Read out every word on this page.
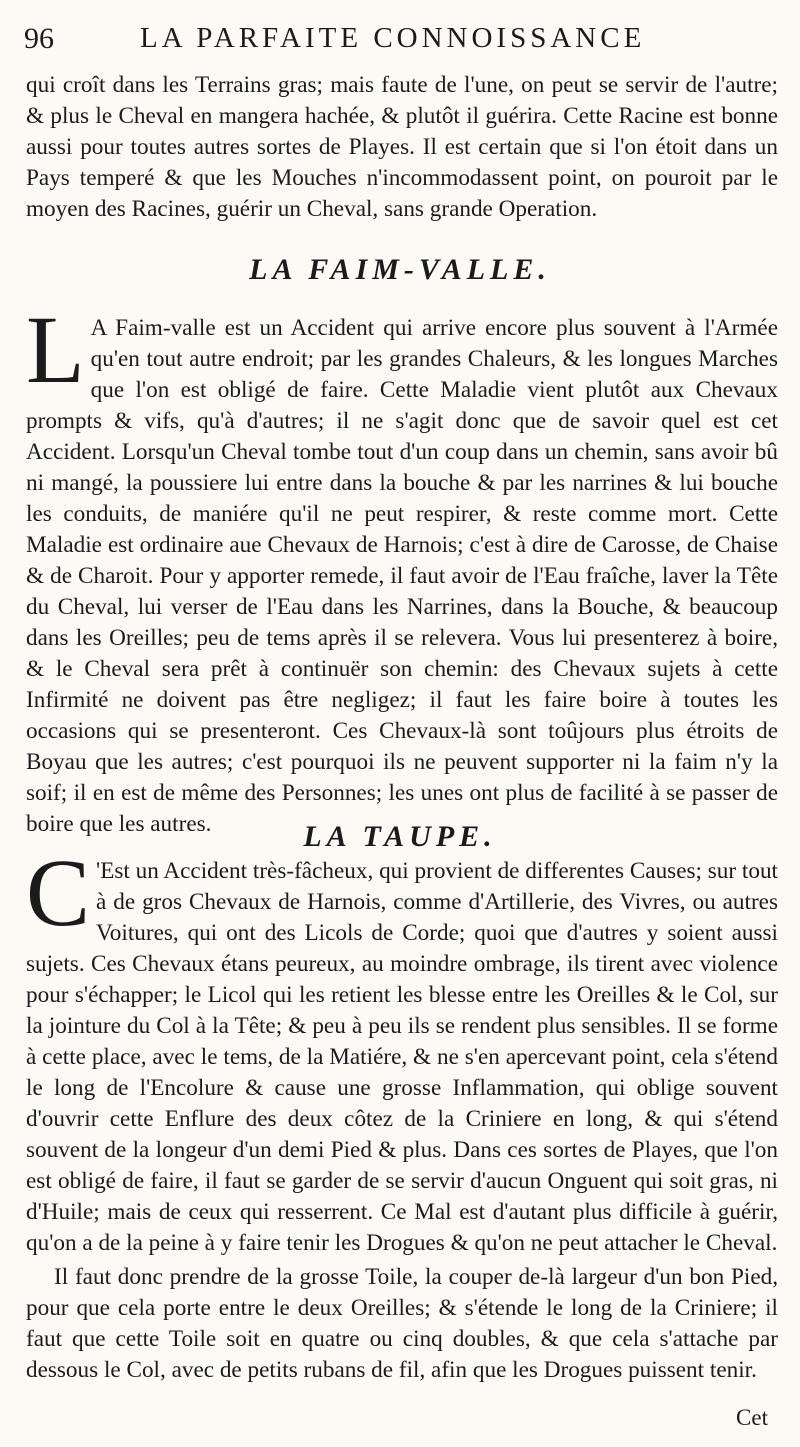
96	LA PARFAITE CONNOISSANCE
qui croît dans les Terrains gras; mais faute de l'une, on peut se servir de l'autre; & plus le Cheval en mangera hachée, & plutôt il guérira. Cette Racine est bonne aussi pour toutes autres sortes de Playes. Il est certain que si l'on étoit dans un Pays temperé & que les Mouches n'incommodassent point, on pouroit par le moyen des Racines, guérir un Cheval, sans grande Operation.
LA FAIM-VALLE.
L A Faim-valle est un Accident qui arrive encore plus souvent à l'Armée qu'en tout autre endroit; par les grandes Chaleurs, & les longues Marches que l'on est obligé de faire. Cette Maladie vient plutôt aux Chevaux prompts & vifs, qu'à d'autres; il ne s'agit donc que de savoir quel est cet Accident. Lorsqu'un Cheval tombe tout d'un coup dans un chemin, sans avoir bû ni mangé, la poussiere lui entre dans la bouche & par les narrines & lui bouche les conduits, de maniére qu'il ne peut respirer, & reste comme mort. Cette Maladie est ordinaire aue Chevaux de Harnois; c'est à dire de Carosse, de Chaise & de Charoit. Pour y apporter remede, il faut avoir de l'Eau fraîche, laver la Tête du Cheval, lui verser de l'Eau dans les Narrines, dans la Bouche, & beaucoup dans les Oreilles; peu de tems après il se relevera. Vous lui presenterez à boire, & le Cheval sera prêt à continuër son chemin: des Chevaux sujets à cette Infirmité ne doivent pas être negligez; il faut les faire boire à toutes les occasions qui se presenteront. Ces Chevaux-là sont toûjours plus étroits de Boyau que les autres; c'est pourquoi ils ne peuvent supporter ni la faim n'y la soif; il en est de même des Personnes; les unes ont plus de facilité à se passer de boire que les autres.	LA TAUPE.
C 'Est un Accident très-fâcheux, qui provient de differentes Causes; sur tout à de gros Chevaux de Harnois, comme d'Artillerie, des Vivres, ou autres Voitures, qui ont des Licols de Corde; quoi que d'autres y soient aussi sujets. Ces Chevaux étans peureux, au moindre ombrage, ils tirent avec violence pour s'échapper; le Licol qui les retient les blesse entre les Oreilles & le Col, sur la jointure du Col à la Tête; & peu à peu ils se rendent plus sensibles. Il se forme à cette place, avec le tems, de la Matiére, & ne s'en apercevant point, cela s'étend le long de l'Encolure & cause une grosse Inflammation, qui oblige souvent d'ouvrir cette Enflure des deux côtez de la Criniere en long, & qui s'étend souvent de la longeur d'un demi Pied & plus. Dans ces sortes de Playes, que l'on est obligé de faire, il faut se garder de se servir d'aucun Onguent qui soit gras, ni d'Huile; mais de ceux qui resserrent. Ce Mal est d'autant plus difficile à guérir, qu'on a de la peine à y faire tenir les Drogues & qu'on ne peut attacher le Cheval.
Il faut donc prendre de la grosse Toile, la couper de-là largeur d'un bon Pied, pour que cela porte entre le deux Oreilles; & s'étende le long de la Criniere; il faut que cette Toile soit en quatre ou cinq doubles, & que cela s'attache par dessous le Col, avec de petits rubans de fil, afin que les Drogues puissent tenir.
Cet
